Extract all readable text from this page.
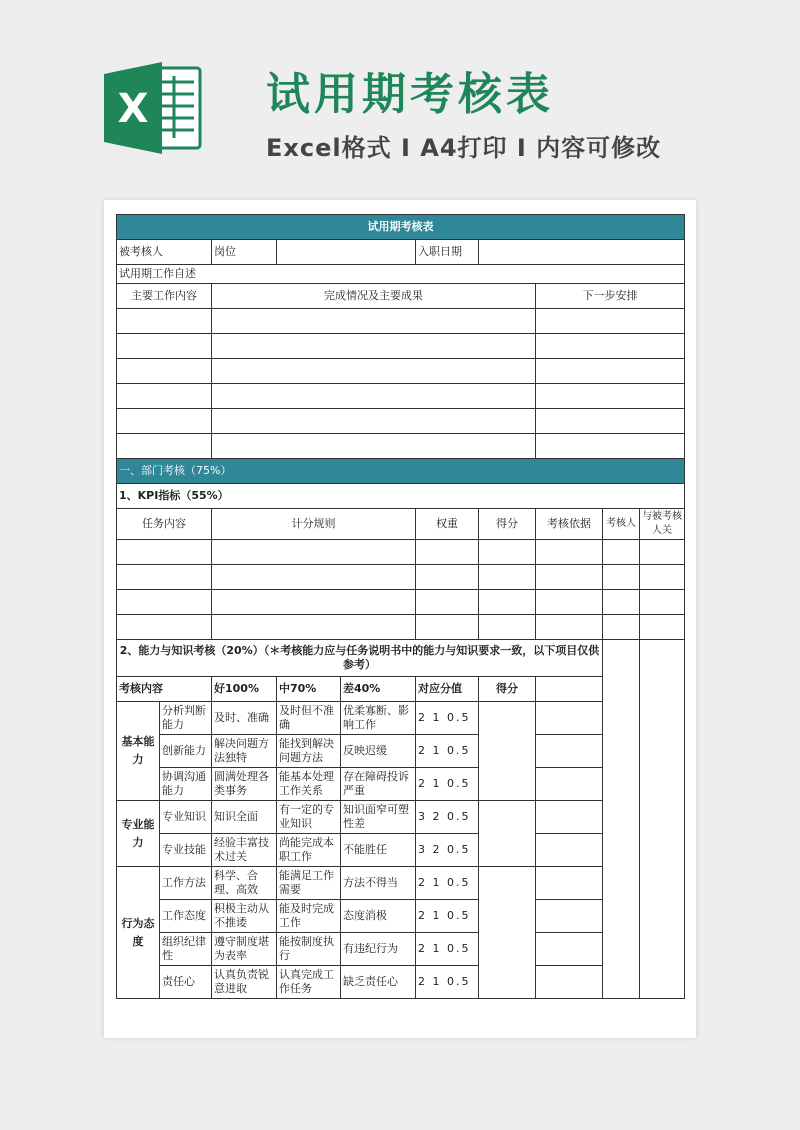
X	试用期考核表
Excel格式 I A4打印 I 内容可修改
试用期考核表									
被考核人		岗位			入职日期				
试用期工作自述									
主要工作内容		完成情况及主要成果					下一步安排		

一、部门考核（75%）									
1、KPI指标（55%）									
任务内容		计分规则			权重	得分	考核依据	考核人	与被考核人关

2、能力与知识考核（20%）（＊考核能力应与任务说明书中的能力与知识要求一致，以下项目仅供参考）									
考核内容		好100%	中70%	差40%	对应分值	得分			
基本能力	分析判断能力	及时、准确	及时但不准确	优柔寡断、影响工作	2 1 0.5				
	创新能力	解决问题方法独特	能找到解决问题方法	反映迟缓	2 1 0.5				
	协调沟通能力	圆满处理各类事务	能基本处理工作关系	存在障碍投诉严重	2 1 0.5				
专业能力	专业知识	知识全面	有一定的专业知识	知识面窄可塑性差	3 2 0.5				
	专业技能	经验丰富技术过关	尚能完成本职工作	不能胜任	3 2 0.5				
行为态度	工作方法	科学、合理、高效	能满足工作需要	方法不得当	2 1 0.5				
	工作态度	积极主动从不推诿	能及时完成工作	态度消极	2 1 0.5				
	组织纪律性	遵守制度堪为表率	能按制度执行	有违纪行为	2 1 0.5				
	责任心	认真负责锐意进取	认真完成工作任务	缺乏责任心	2 1 0.5				
